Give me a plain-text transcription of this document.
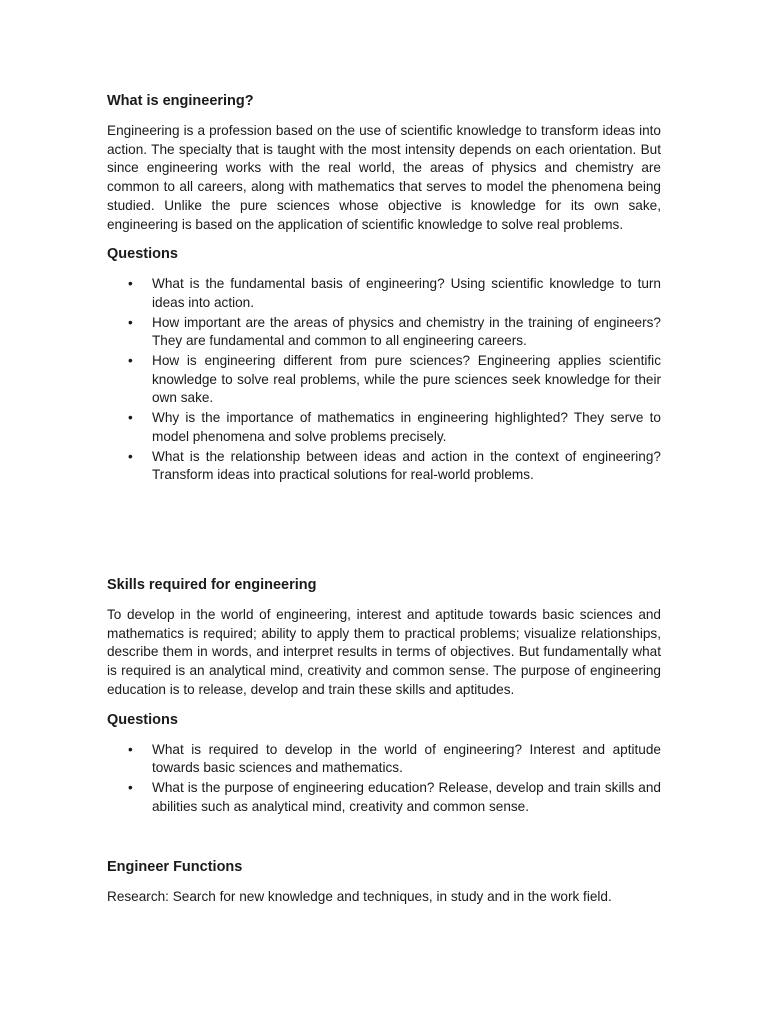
What is engineering?

Engineering is a profession based on the use of scientific knowledge to transform ideas into action. The specialty that is taught with the most intensity depends on each orientation. But since engineering works with the real world, the areas of physics and chemistry are common to all careers, along with mathematics that serves to model the phenomena being studied. Unlike the pure sciences whose objective is knowledge for its own sake, engineering is based on the application of scientific knowledge to solve real problems.

Questions
• What is the fundamental basis of engineering? Using scientific knowledge to turn ideas into action.
• How important are the areas of physics and chemistry in the training of engineers? They are fundamental and common to all engineering careers.
• How is engineering different from pure sciences? Engineering applies scientific knowledge to solve real problems, while the pure sciences seek knowledge for their own sake.
• Why is the importance of mathematics in engineering highlighted? They serve to model phenomena and solve problems precisely.
• What is the relationship between ideas and action in the context of engineering? Transform ideas into practical solutions for real-world problems.
Skills required for engineering

To develop in the world of engineering, interest and aptitude towards basic sciences and mathematics is required; ability to apply them to practical problems; visualize relationships, describe them in words, and interpret results in terms of objectives. But fundamentally what is required is an analytical mind, creativity and common sense. The purpose of engineering education is to release, develop and train these skills and aptitudes.

Questions
• What is required to develop in the world of engineering? Interest and aptitude towards basic sciences and mathematics.
• What is the purpose of engineering education? Release, develop and train skills and abilities such as analytical mind, creativity and common sense.
Engineer Functions

Research: Search for new knowledge and techniques, in study and in the work field.
